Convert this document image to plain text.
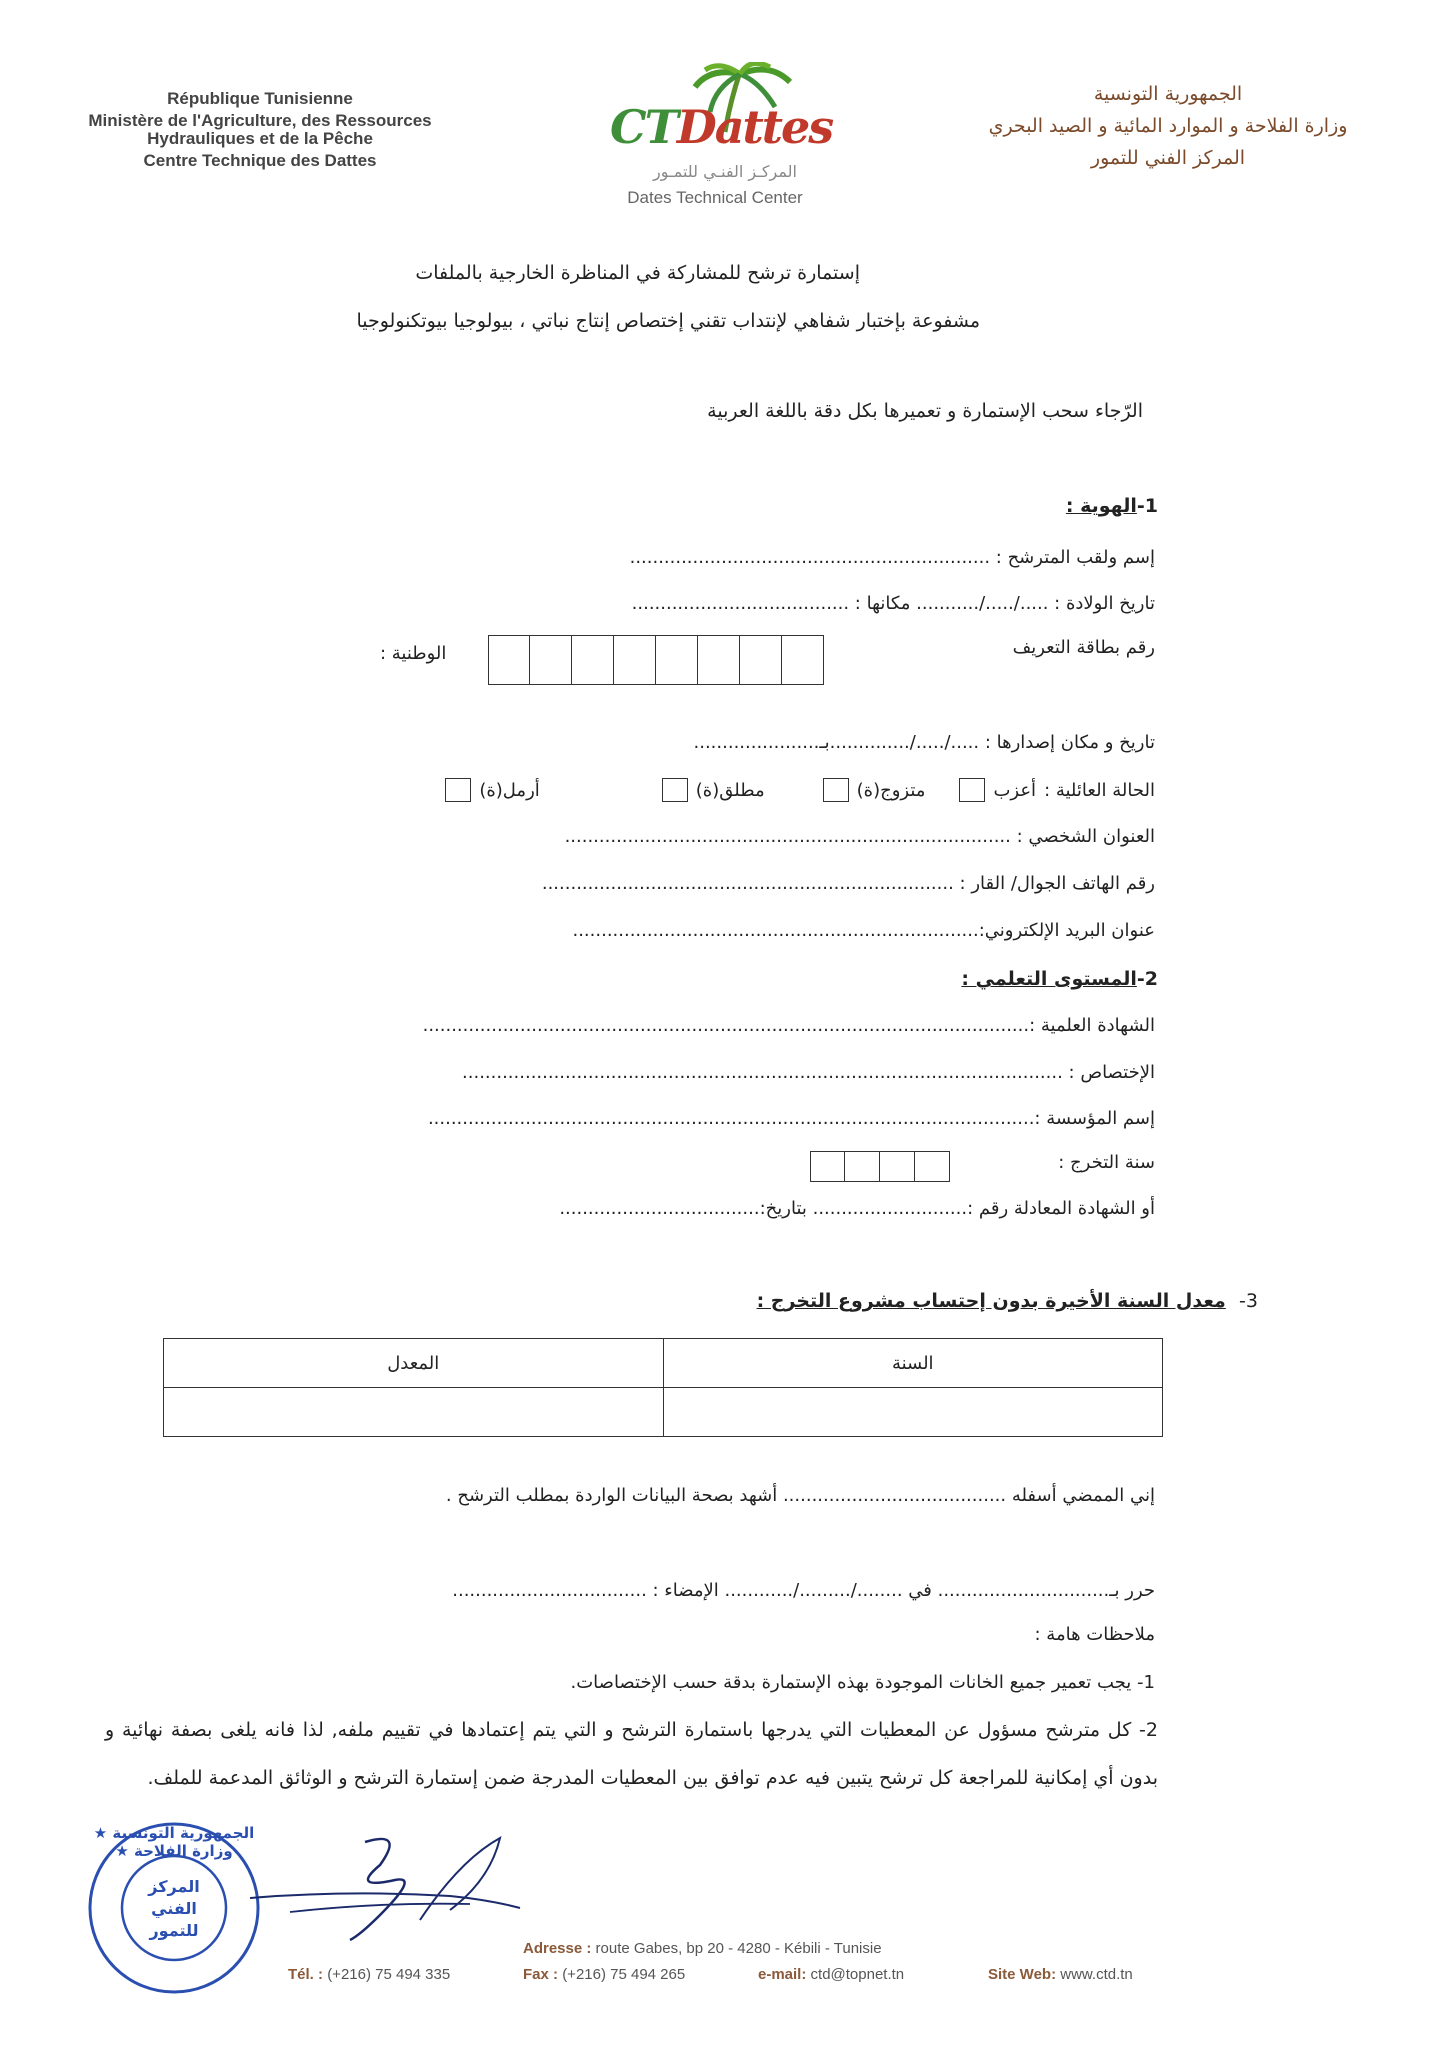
République Tunisienne
Ministère de l'Agriculture, des Ressources
Hydrauliques et de la Pêche
Centre Technique des Dattes
CTDattes
المركـز الفنـي للتمـور
Dates Technical Center
الجمهورية التونسية
وزارة الفلاحة و الموارد المائية و الصيد البحري
المركز الفني للتمور
إستمارة ترشح للمشاركة في المناظرة الخارجية بالملفات
مشفوعة بإختبار شفاهي لإنتداب تقني إختصاص إنتاج نباتي ، بيولوجيا بيوتكنولوجيا
الرّجاء سحب الإستمارة و تعميرها بكل دقة باللغة العربية
1-الهوية :
إسم ولقب المترشح : ...............................................................
تاريخ الولادة : ...../...../........... مكانها : ......................................
رقم بطاقة التعريف
الوطنية :
تاريخ و مكان إصدارها : ...../...../..............بـ......................
الحالة العائلية :
أعزب
متزوج(ة)
مطلق(ة)
أرمل(ة)
العنوان الشخصي : ..............................................................................
رقم الهاتف الجوال/ القار : ........................................................................
عنوان البريد الإلكتروني:.......................................................................
2-المستوى التعلمي :
الشهادة العلمية :..........................................................................................................
الإختصاص : .........................................................................................................
إسم المؤسسة :..........................................................................................................
سنة التخرج :
أو الشهادة المعادلة رقم :........................... بتاريخ:...................................
3-  معدل السنة الأخيرة بدون إحتساب مشروع التخرج :
المعدل	السنة

إني الممضي أسفله ....................................... أشهد بصحة البيانات الواردة بمطلب الترشح .
حرر بـ.............................. في ......../........./............ الإمضاء : ..................................
ملاحظات هامة :
1- يجب تعمير جميع الخانات الموجودة بهذه الإستمارة بدقة حسب الإختصاصات.
2- كل مترشح مسؤول عن المعطيات التي يدرجها باستمارة الترشح و التي يتم إعتمادها في تقييم ملفه, لذا فانه يلغى بصفة نهائية و بدون أي إمكانية للمراجعة كل ترشح يتبين فيه عدم توافق بين المعطيات المدرجة ضمن إستمارة الترشح و الوثائق المدعمة للملف.
الجمهورية التونسية ★ وزارة الفلاحة ★
المركز
الفني
للتمور
Adresse : route Gabes, bp 20 - 4280 - Kébili - Tunisie
Tél. : (+216) 75 494 335	Fax : (+216) 75 494 265	e-mail: ctd@topnet.tn	Site Web: www.ctd.tn
